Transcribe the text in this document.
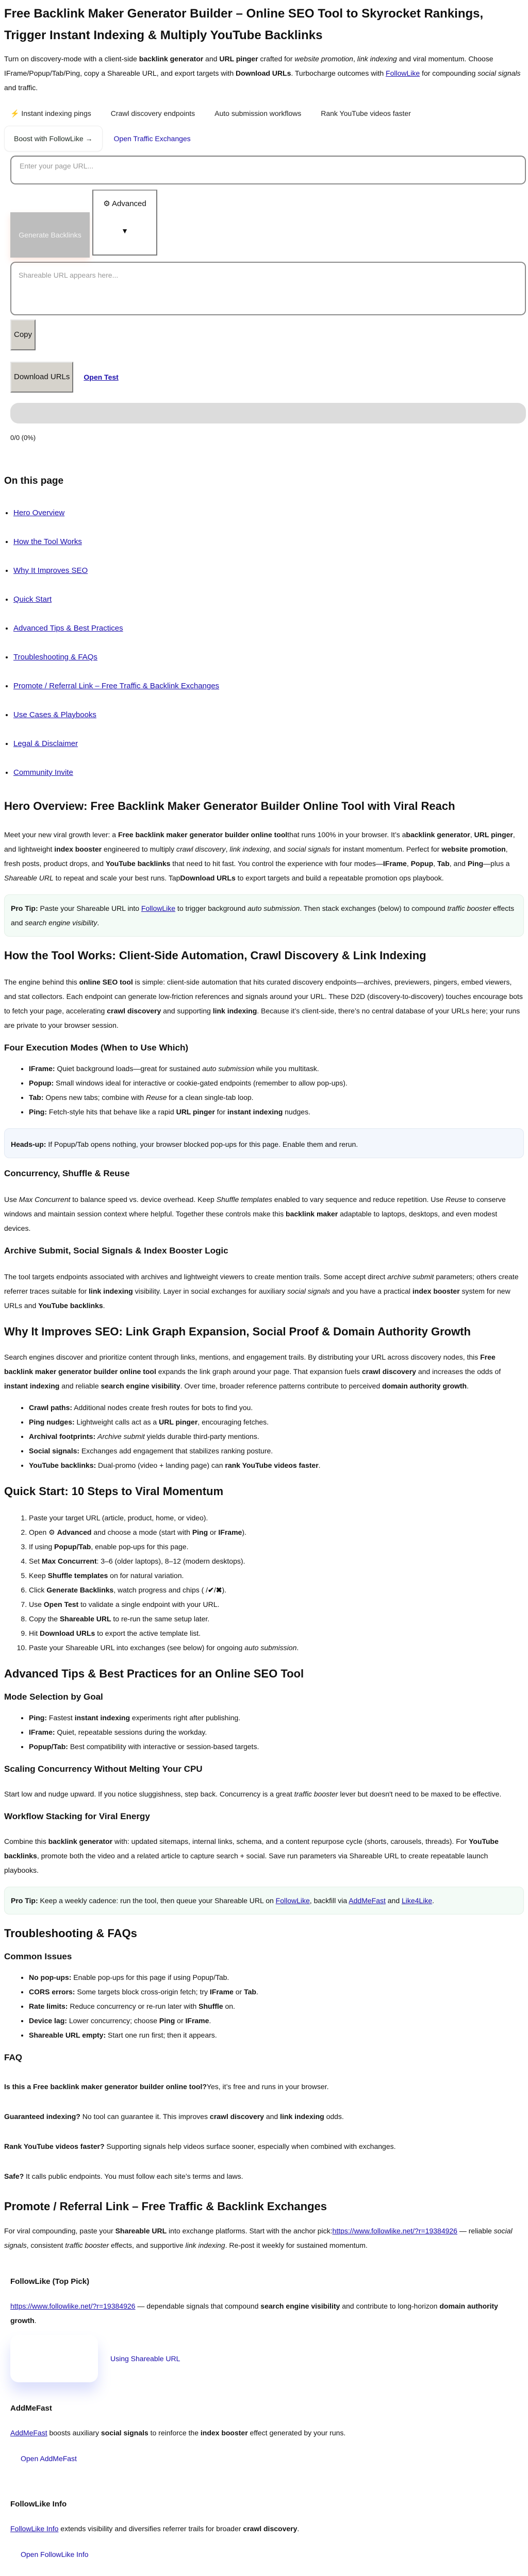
Free Backlink Maker Generator Builder – Online SEO Tool to Skyrocket Rankings, Trigger Instant Indexing & Multiply YouTube Backlinks

Turn on discovery-mode with a client-side backlink generator and URL pinger crafted for website promotion, link indexing and viral momentum. Choose IFrame/Popup/Tab/Ping, copy a Shareable URL, and export targets with Download URLs. Turbocharge outcomes with FollowLike for compounding social signals and traffic.

⚡ Instant indexing pings	Crawl discovery endpoints	Auto submission workflows	Rank YouTube videos faster
Boost with FollowLike →	Open Traffic Exchanges
Enter your page URL...
Generate Backlinks
⚙ Advanced
▼
Shareable URL appears here...
Copy
Download URLs	Open Test
0/0 (0%)
On this page
• Hero Overview
• How the Tool Works
• Why It Improves SEO
• Quick Start
• Advanced Tips & Best Practices
• Troubleshooting & FAQs
• Promote / Referral Link – Free Traffic & Backlink Exchanges
• Use Cases & Playbooks
• Legal & Disclaimer
• Community Invite
Hero Overview: Free Backlink Maker Generator Builder Online Tool with Viral Reach

Meet your new viral growth lever: a Free backlink maker generator builder online toolthat runs 100% in your browser. It’s abacklink generator, URL pinger, and lightweight index booster engineered to multiply crawl discovery, link indexing, and social signals for instant momentum. Perfect for website promotion, fresh posts, product drops, and YouTube backlinks that need to hit fast. You control the experience with four modes—IFrame, Popup, Tab, and Ping—plus a Shareable URL to repeat and scale your best runs. TapDownload URLs to export targets and build a repeatable promotion ops playbook.

Pro Tip: Paste your Shareable URL into FollowLike to trigger background auto submission. Then stack exchanges (below) to compound traffic booster effects and search engine visibility.
How the Tool Works: Client-Side Automation, Crawl Discovery & Link Indexing

The engine behind this online SEO tool is simple: client-side automation that hits curated discovery endpoints—archives, previewers, pingers, embed viewers, and stat collectors. Each endpoint can generate low-friction references and signals around your URL. These D2D (discovery-to-discovery) touches encourage bots to fetch your page, accelerating crawl discovery and supporting link indexing. Because it’s client-side, there’s no central database of your URLs here; your runs are private to your browser session.

Four Execution Modes (When to Use Which)
• IFrame: Quiet background loads—great for sustained auto submission while you multitask.
• Popup: Small windows ideal for interactive or cookie-gated endpoints (remember to allow pop-ups).
• Tab: Opens new tabs; combine with Reuse for a clean single-tab loop.
• Ping: Fetch-style hits that behave like a rapid URL pinger for instant indexing nudges.
Heads-up: If Popup/Tab opens nothing, your browser blocked pop-ups for this page. Enable them and rerun.
Concurrency, Shuffle & Reuse

Use Max Concurrent to balance speed vs. device overhead. Keep Shuffle templates enabled to vary sequence and reduce repetition. Use Reuse to conserve windows and maintain session context where helpful. Together these controls make this backlink maker adaptable to laptops, desktops, and even modest devices.

Archive Submit, Social Signals & Index Booster Logic

The tool targets endpoints associated with archives and lightweight viewers to create mention trails. Some accept direct archive submit parameters; others create referrer traces suitable for link indexing visibility. Layer in social exchanges for auxiliary social signals and you have a practical index booster system for new URLs and YouTube backlinks.

Why It Improves SEO: Link Graph Expansion, Social Proof & Domain Authority Growth

Search engines discover and prioritize content through links, mentions, and engagement trails. By distributing your URL across discovery nodes, this Free backlink maker generator builder online tool expands the link graph around your page. That expansion fuels crawl discovery and increases the odds of instant indexing and reliable search engine visibility. Over time, broader reference patterns contribute to perceived domain authority growth.

• Crawl paths: Additional nodes create fresh routes for bots to find you.
• Ping nudges: Lightweight calls act as a URL pinger, encouraging fetches.
• Archival footprints: Archive submit yields durable third-party mentions.
• Social signals: Exchanges add engagement that stabilizes ranking posture.
• YouTube backlinks: Dual-promo (video + landing page) can rank YouTube videos faster.
Quick Start: 10 Steps to Viral Momentum
1. Paste your target URL (article, product, home, or video).
2. Open ⚙ Advanced and choose a mode (start with Ping or IFrame).
3. If using Popup/Tab, enable pop-ups for this page.
4. Set Max Concurrent: 3–6 (older laptops), 8–12 (modern desktops).
5. Keep Shuffle templates on for natural variation.
6. Click Generate Backlinks, watch progress and chips ( /✔/✖).
7. Use Open Test to validate a single endpoint with your URL.
8. Copy the Shareable URL to re-run the same setup later.
9. Hit Download URLs to export the active template list.
10. Paste your Shareable URL into exchanges (see below) for ongoing auto submission.
Advanced Tips & Best Practices for an Online SEO Tool
Mode Selection by Goal
• Ping: Fastest instant indexing experiments right after publishing.
• IFrame: Quiet, repeatable sessions during the workday.
• Popup/Tab: Best compatibility with interactive or session-based targets.
Scaling Concurrency Without Melting Your CPU

Start low and nudge upward. If you notice sluggishness, step back. Concurrency is a great traffic booster lever but doesn't need to be maxed to be effective.

Workflow Stacking for Viral Energy

Combine this backlink generator with: updated sitemaps, internal links, schema, and a content repurpose cycle (shorts, carousels, threads). For YouTube backlinks, promote both the video and a related article to capture search + social. Save run parameters via Shareable URL to create repeatable launch playbooks.

Pro Tip: Keep a weekly cadence: run the tool, then queue your Shareable URL on FollowLike, backfill via AddMeFast and Like4Like.
Troubleshooting & FAQs
Common Issues
• No pop-ups: Enable pop-ups for this page if using Popup/Tab.
• CORS errors: Some targets block cross-origin fetch; try IFrame or Tab.
• Rate limits: Reduce concurrency or re-run later with Shuffle on.
• Device lag: Lower concurrency; choose Ping or IFrame.
• Shareable URL empty: Start one run first; then it appears.
FAQ

Is this a Free backlink maker generator builder online tool?Yes, it’s free and runs in your browser.

Guaranteed indexing? No tool can guarantee it. This improves crawl discovery and link indexing odds.

Rank YouTube videos faster? Supporting signals help videos surface sooner, especially when combined with exchanges.

Safe? It calls public endpoints. You must follow each site’s terms and laws.

Promote / Referral Link – Free Traffic & Backlink Exchanges

For viral compounding, paste your Shareable URL into exchange platforms. Start with the anchor pick:https://www.followlike.net/?r=19384926 — reliable social signals, consistent traffic booster effects, and supportive link indexing. Re-post it weekly for sustained momentum.

FollowLike (Top Pick)

https://www.followlike.net/?r=19384926 — dependable signals that compound search engine visibility and contribute to long-horizon domain authority growth.

Using Shareable URL
AddMeFast

AddMeFast boosts auxiliary social signals to reinforce the index booster effect generated by your runs.

Open AddMeFast
FollowLike Info

FollowLike Info extends visibility and diversifies referrer trails for broader crawl discovery.

Open FollowLike Info
